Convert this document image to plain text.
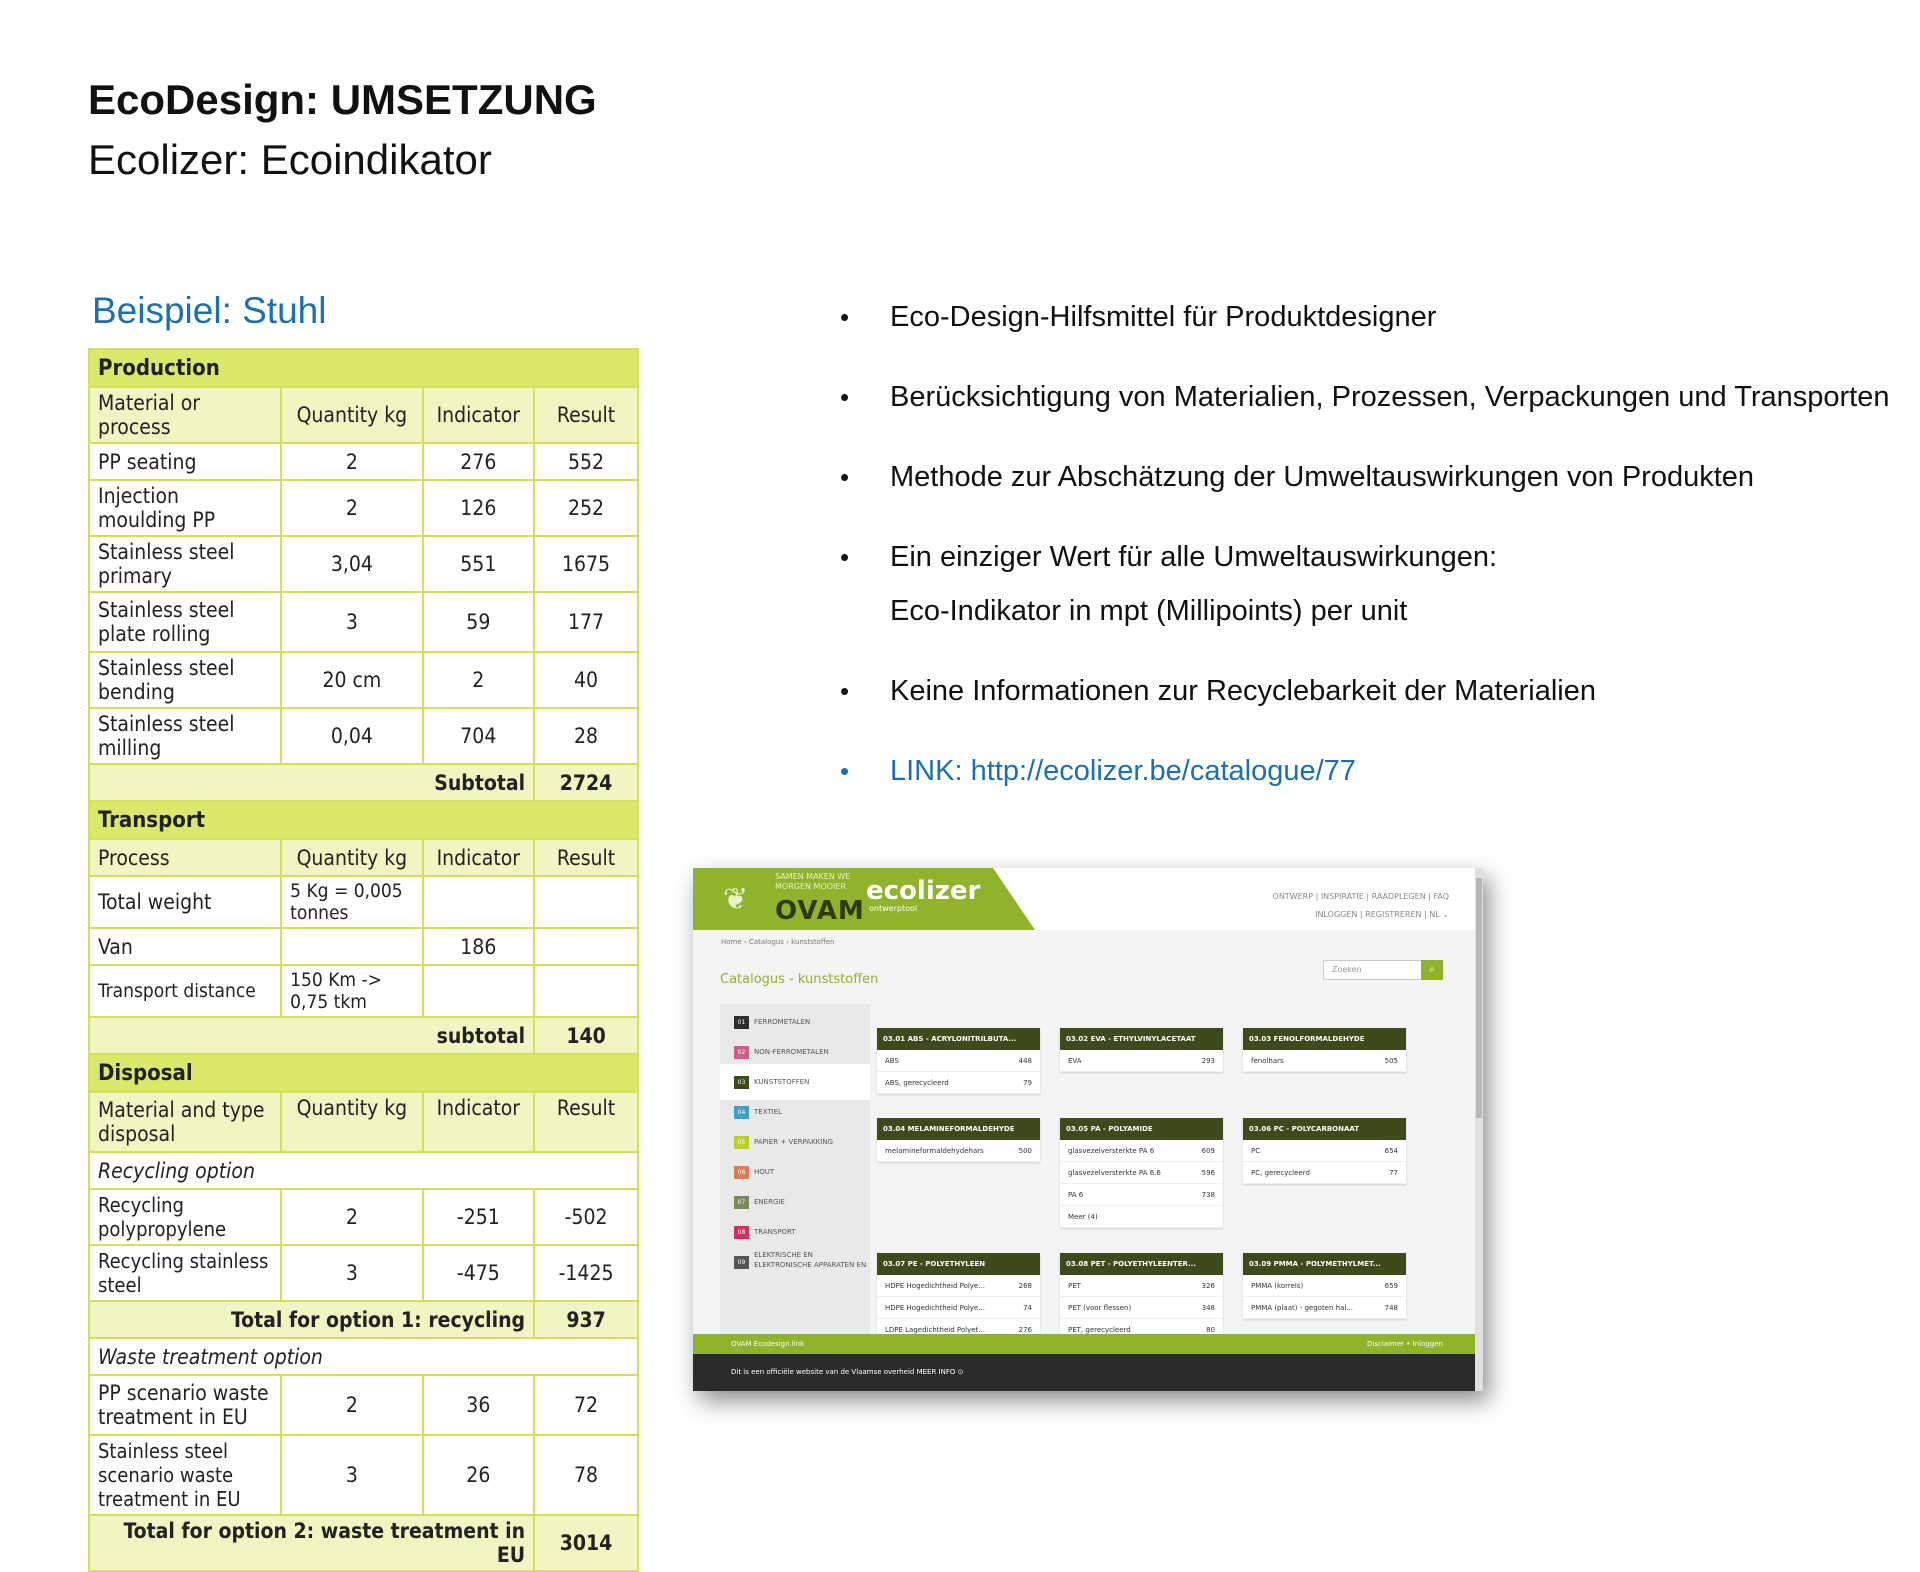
EcoDesign: UMSETZUNG
Ecolizer: Ecoindikator
Beispiel: Stuhl
Production			
Material or process	Quantity kg	Indicator	Result
PP seating	2	276	552
Injection moulding PP	2	126	252
Stainless steel primary	3,04	551	1675
Stainless steel plate rolling	3	59	177
Stainless steel bending	20 cm	2	40
Stainless steel milling	0,04	704	28
Subtotal			2724
Transport			
Process	Quantity kg	Indicator	Result
Total weight	5 Kg = 0,005 tonnes		
Van		186	
Transport distance	150 Km -> 0,75 tkm		
subtotal			140
Disposal			
Material and type disposal	Quantity kg	Indicator	Result
Recycling option			
Recycling polypropylene	2	-251	-502
Recycling stainless steel	3	-475	-1425
Total for option 1: recycling			937
Waste treatment option			
PP scenario waste treatment in EU	2	36	72
Stainless steel scenario waste treatment in EU	3	26	78
Total for option 2: waste treatment in EU			3014
• Eco-Design-Hilfsmittel für Produktdesigner
• Berücksichtigung von Materialien, Prozessen, Verpackungen und Transporten
• Methode zur Abschätzung der Umweltauswirkungen von Produkten
• Ein einziger Wert für alle Umweltauswirkungen:
Eco-Indikator in mpt (Millipoints) per unit
• Keine Informationen zur Recyclebarkeit der Materialien
• LINK: http://ecolizer.be/catalogue/77
❦
SAMEN MAKEN WE MORGEN MOOIER
OVAM
ecolizer
ontwerptool
ONTWERP | INSPIRATIE | RAADPLEGEN | FAQ
INLOGGEN | REGISTREREN | NL ⌄
Home › Catalogus › kunststoffen
Catalogus - kunststoffen
Zoeken	⌕
01	FERROMETALEN
02	NON-FERROMETALEN
03	KUNSTSTOFFEN
04	TEXTIEL
05	PAPIER + VERPAKKING
06	HOUT
07	ENERGIE
08	TRANSPORT
09
ELEKTRISCHE EN ELEKTRONISCHE APPARATEN EN
03.01 ABS - ACRYLONITRILBUTA...
ABS	448
ABS, gerecycleerd	79
03.02 EVA - ETHYLVINYLACETAAT
EVA	293
03.03 FENOLFORMALDEHYDE
fenolhars	505
03.04 MELAMINEFORMALDEHYDE
melamineformaldehydehars	500
03.05 PA - POLYAMIDE
glasvezelversterkte PA 6	609
glasvezelversterkte PA 6.6	596
PA 6	738
Meer (4)
03.06 PC - POLYCARBONAAT
PC	654
PC, gerecycleerd	77
03.07 PE - POLYETHYLEEN
HDPE Hogedichtheid Polye...	268
HDPE Hogedichtheid Polye...	74
LDPE Lagedichtheid Polyet...	276
03.08 PET - POLYETHYLEENTER...
PET	326
PET (voor flessen)	348
PET, gerecycleerd	80
03.09 PMMA - POLYMETHYLMET...
PMMA (korrels)	659
PMMA (plaat) - gegoten hal...	748
OVAM Ecodesign.link	Disclaimer • Inloggen
Dit is een officiële website van de Vlaamse overheid MEER INFO ⊙
